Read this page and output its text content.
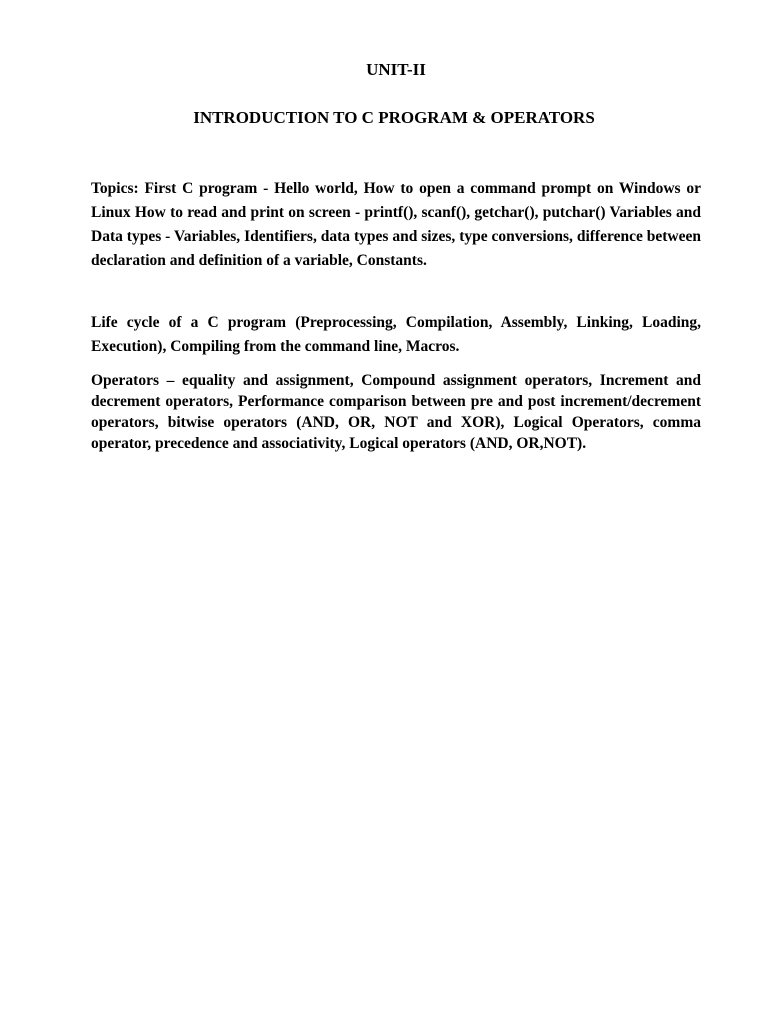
UNIT-II
INTRODUCTION TO C PROGRAM & OPERATORS

Topics: First C program - Hello world, How to open a command prompt on Windows or Linux How to read and print on screen - printf(), scanf(), getchar(), putchar() Variables and Data types - Variables, Identifiers, data types and sizes, type conversions, difference between declaration and definition of a variable, Constants.

Life cycle of a C program (Preprocessing, Compilation, Assembly, Linking, Loading, Execution), Compiling from the command line, Macros.

Operators – equality and assignment, Compound assignment operators, Increment and decrement operators, Performance comparison between pre and post increment/decrement operators, bitwise operators (AND, OR, NOT and XOR), Logical Operators, comma operator, precedence and associativity, Logical operators (AND, OR,NOT).
